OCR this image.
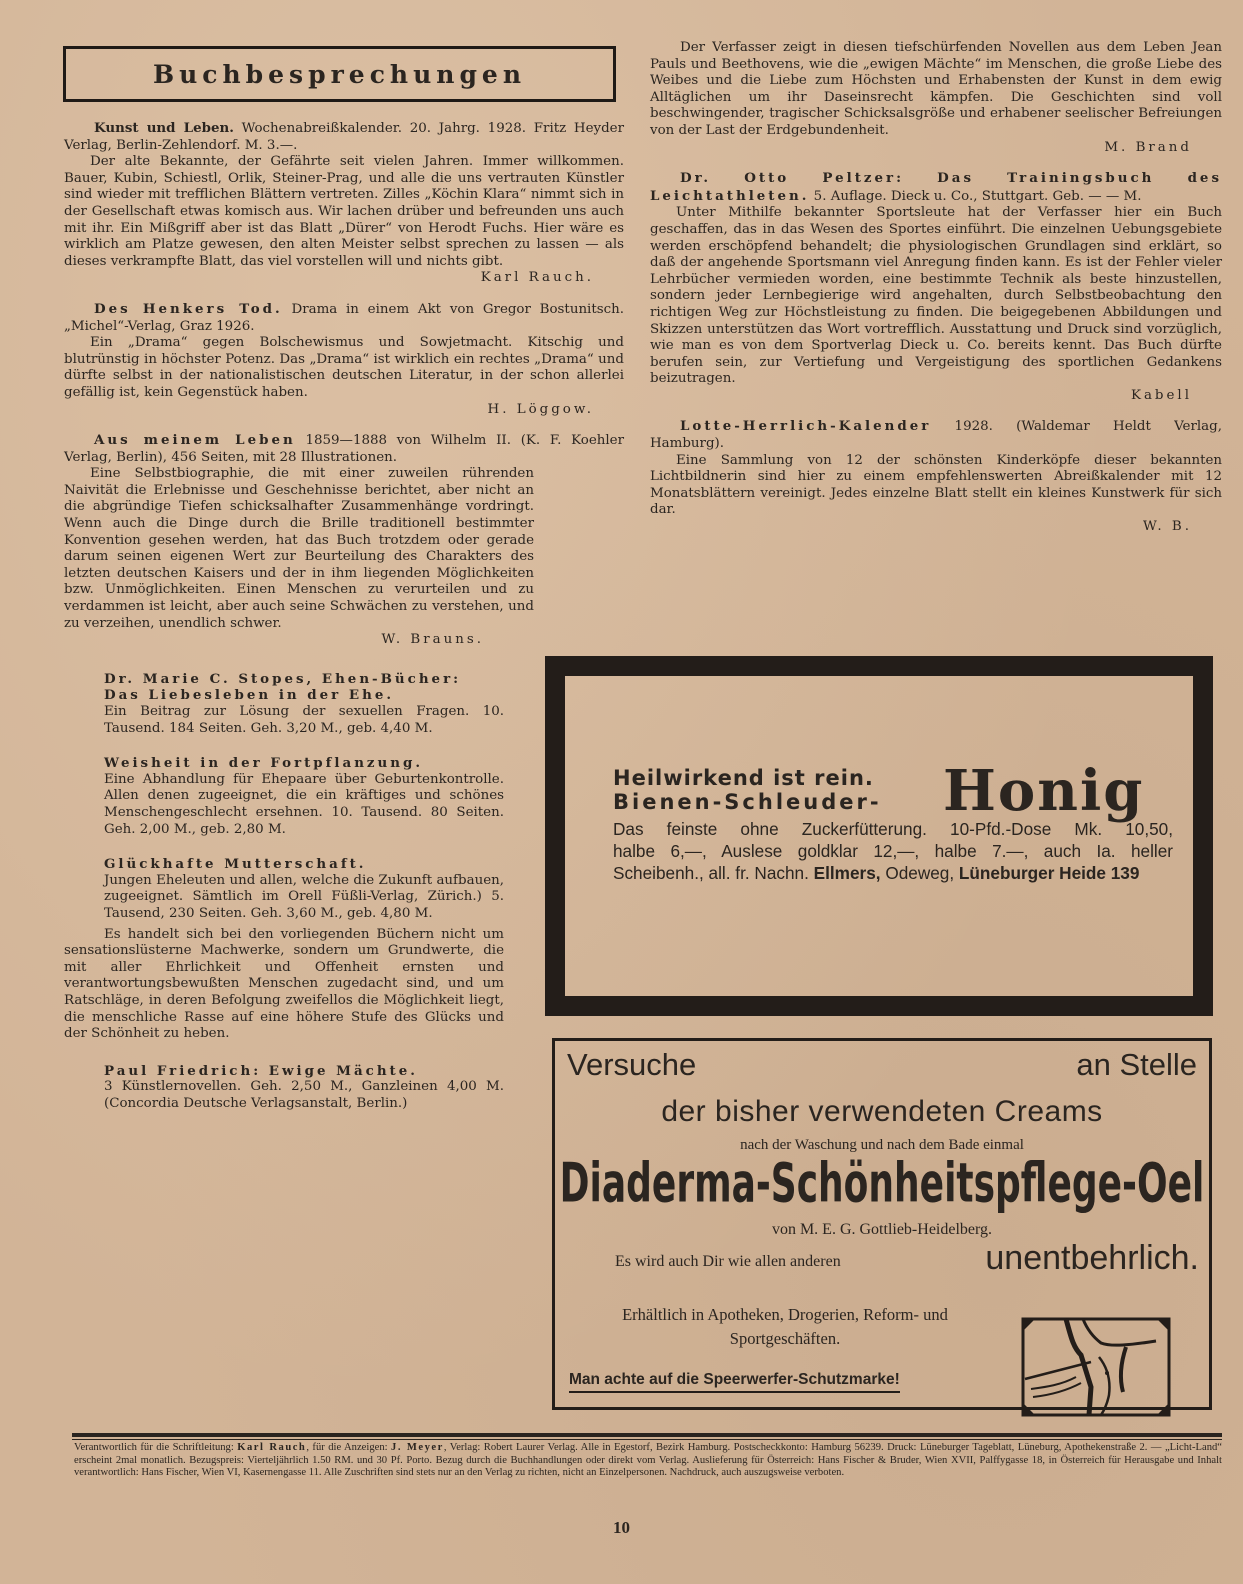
Buchbesprechungen

Kunst und Leben. Wochenabreißkalender. 20. Jahrg. 1928. Fritz Heyder Verlag, Berlin-Zehlendorf. M. 3.—.

Der alte Bekannte, der Gefährte seit vielen Jahren. Immer willkommen. Bauer, Kubin, Schiestl, Orlik, Steiner-Prag, und alle die uns vertrauten Künstler sind wieder mit trefflichen Blättern vertreten. Zilles „Köchin Klara“ nimmt sich in der Gesellschaft etwas komisch aus. Wir lachen drüber und befreunden uns auch mit ihr. Ein Mißgriff aber ist das Blatt „Dürer“ von Herodt Fuchs. Hier wäre es wirklich am Platze gewesen, den alten Meister selbst sprechen zu lassen — als dieses verkrampfte Blatt, das viel vorstellen will und nichts gibt.

Karl Rauch.

Des Henkers Tod. Drama in einem Akt von Gregor Bostunitsch. „Michel“-Verlag, Graz 1926.

Ein „Drama“ gegen Bolschewismus und Sowjetmacht. Kitschig und blutrünstig in höchster Potenz. Das „Drama“ ist wirklich ein rechtes „Drama“ und dürfte selbst in der nationalistischen deutschen Literatur, in der schon allerlei gefällig ist, kein Gegenstück haben.

H. Löggow.

Aus meinem Leben 1859—1888 von Wilhelm II. (K. F. Koehler Verlag, Berlin), 456 Seiten, mit 28 Illustrationen.

Eine Selbstbiographie, die mit einer zuweilen rührenden Naivität die Erlebnisse und Geschehnisse berichtet, aber nicht an die abgründige Tiefen schicksalhafter Zusammenhänge vordringt. Wenn auch die Dinge durch die Brille traditionell bestimmter Konvention gesehen werden, hat das Buch trotzdem oder gerade darum seinen eigenen Wert zur Beurteilung des Charakters des letzten deutschen Kaisers und der in ihm liegenden Möglichkeiten bzw. Unmöglichkeiten. Einen Menschen zu verurteilen und zu verdammen ist leicht, aber auch seine Schwächen zu verstehen, und zu verzeihen, unendlich schwer.

W. Brauns.

Dr. Marie C. Stopes, Ehen-Bücher:

Das Liebesleben in der Ehe.

Ein Beitrag zur Lösung der sexuellen Fragen. 10. Tausend. 184 Seiten. Geh. 3,20 M., geb. 4,40 M.

Weisheit in der Fortpflanzung.

Eine Abhandlung für Ehepaare über Geburtenkontrolle. Allen denen zugeeignet, die ein kräftiges und schönes Menschengeschlecht ersehnen. 10. Tausend. 80 Seiten. Geh. 2,00 M., geb. 2,80 M.

Glückhafte Mutterschaft.

Jungen Eheleuten und allen, welche die Zukunft aufbauen, zugeeignet. Sämtlich im Orell Füßli-Verlag, Zürich.) 5. Tausend, 230 Seiten. Geh. 3,60 M., geb. 4,80 M.

Es handelt sich bei den vorliegenden Büchern nicht um sensationslüsterne Machwerke, sondern um Grundwerte, die mit aller Ehrlichkeit und Offenheit ernsten und verantwortungsbewußten Menschen zugedacht sind, und um Ratschläge, in deren Befolgung zweifellos die Möglichkeit liegt, die menschliche Rasse auf eine höhere Stufe des Glücks und der Schönheit zu heben.

Paul Friedrich: Ewige Mächte.

3 Künstlernovellen. Geh. 2,50 M., Ganzleinen 4,00 M. (Concordia Deutsche Verlagsanstalt, Berlin.)

Der Verfasser zeigt in diesen tiefschürfenden Novellen aus dem Leben Jean Pauls und Beethovens, wie die „ewigen Mächte“ im Menschen, die große Liebe des Weibes und die Liebe zum Höchsten und Erhabensten der Kunst in dem ewig Alltäglichen um ihr Daseinsrecht kämpfen. Die Geschichten sind voll beschwingender, tragischer Schicksalsgröße und erhabener seelischer Befreiungen von der Last der Erdgebundenheit.

M. Brand

Dr. Otto Peltzer: Das Trainingsbuch des Leichtathleten. 5. Auflage. Dieck u. Co., Stuttgart. Geb. — — M.

Unter Mithilfe bekannter Sportsleute hat der Verfasser hier ein Buch geschaffen, das in das Wesen des Sportes einführt. Die einzelnen Uebungsgebiete werden erschöpfend behandelt; die physiologischen Grundlagen sind erklärt, so daß der angehende Sportsmann viel Anregung finden kann. Es ist der Fehler vieler Lehrbücher vermieden worden, eine bestimmte Technik als beste hinzustellen, sondern jeder Lernbegierige wird angehalten, durch Selbstbeobachtung den richtigen Weg zur Höchstleistung zu finden. Die beigegebenen Abbildungen und Skizzen unterstützen das Wort vortrefflich. Ausstattung und Druck sind vorzüglich, wie man es von dem Sportverlag Dieck u. Co. bereits kennt. Das Buch dürfte berufen sein, zur Vertiefung und Vergeistigung des sportlichen Gedankens beizutragen.

Kabell

Lotte-Herrlich-Kalender 1928. (Waldemar Heldt Verlag, Hamburg).

Eine Sammlung von 12 der schönsten Kinderköpfe dieser bekannten Lichtbildnerin sind hier zu einem empfehlenswerten Abreißkalender mit 12 Monatsblättern vereinigt. Jedes einzelne Blatt stellt ein kleines Kunstwerk für sich dar.

W. B.
Heilwirkend ist rein.
Bienen-Schleuder-	Honig
Das feinste ohne Zuckerfütterung. 10-Pfd.-Dose Mk. 10,50,
halbe 6,—, Auslese goldklar 12,—, halbe 7.—, auch Ia. heller
Scheibenh., all. fr. Nachn. Ellmers, Odeweg, Lüneburger Heide 139
Versuche	an Stelle
der bisher verwendeten Creams
nach der Waschung und nach dem Bade einmal
Diaderma-Schönheitspflege-Oel
von M. E. G. Gottlieb-Heidelberg.
Es wird auch Dir wie allen anderen	unentbehrlich.
Erhältlich in Apotheken, Drogerien, Reform- und Sportgeschäften.
Man achte auf die Speerwerfer-Schutzmarke!
Verantwortlich für die Schriftleitung: Karl Rauch, für die Anzeigen: J. Meyer, Verlag: Robert Laurer Verlag. Alle in Egestorf, Bezirk Hamburg. Postscheckkonto: Hamburg 56239. Druck: Lüneburger Tageblatt, Lüneburg, Apothekenstraße 2. — „Licht-Land“ erscheint 2mal monatlich. Bezugspreis: Vierteljährlich 1.50 RM. und 30 Pf. Porto. Bezug durch die Buchhandlungen oder direkt vom Verlag. Auslieferung für Österreich: Hans Fischer & Bruder, Wien XVII, Palffygasse 18, in Österreich für Herausgabe und Inhalt verantwortlich: Hans Fischer, Wien VI, Kasernengasse 11. Alle Zuschriften sind stets nur an den Verlag zu richten, nicht an Einzelpersonen. Nachdruck, auch auszugsweise verboten.
10
